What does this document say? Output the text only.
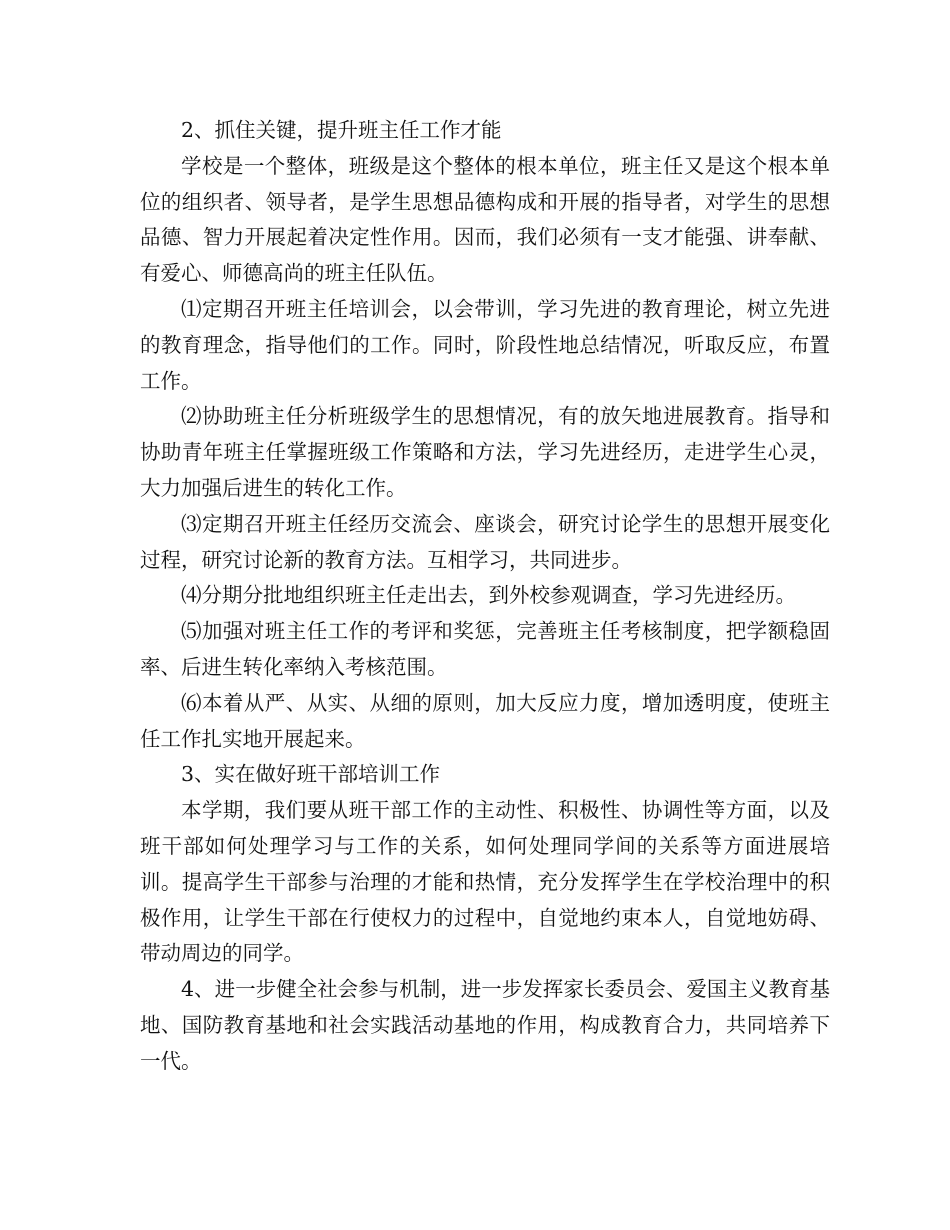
2、抓住关键，提升班主任工作才能

学校是一个整体，班级是这个整体的根本单位，班主任又是这个根本单位的组织者、领导者，是学生思想品德构成和开展的指导者，对学生的思想品德、智力开展起着决定性作用。因而，我们必须有一支才能强、讲奉献、有爱心、师德高尚的班主任队伍。

⑴定期召开班主任培训会，以会带训，学习先进的教育理论，树立先进的教育理念，指导他们的工作。同时，阶段性地总结情况，听取反应，布置工作。

⑵协助班主任分析班级学生的思想情况，有的放矢地进展教育。指导和协助青年班主任掌握班级工作策略和方法，学习先进经历，走进学生心灵，大力加强后进生的转化工作。

⑶定期召开班主任经历交流会、座谈会，研究讨论学生的思想开展变化过程，研究讨论新的教育方法。互相学习，共同进步。

⑷分期分批地组织班主任走出去，到外校参观调查，学习先进经历。

⑸加强对班主任工作的考评和奖惩，完善班主任考核制度，把学额稳固率、后进生转化率纳入考核范围。

⑹本着从严、从实、从细的原则，加大反应力度，增加透明度，使班主任工作扎实地开展起来。

3、实在做好班干部培训工作

本学期，我们要从班干部工作的主动性、积极性、协调性等方面，以及班干部如何处理学习与工作的关系，如何处理同学间的关系等方面进展培训。提高学生干部参与治理的才能和热情，充分发挥学生在学校治理中的积极作用，让学生干部在行使权力的过程中，自觉地约束本人，自觉地妨碍、带动周边的同学。

4、进一步健全社会参与机制，进一步发挥家长委员会、爱国主义教育基地、国防教育基地和社会实践活动基地的作用，构成教育合力，共同培养下一代。
